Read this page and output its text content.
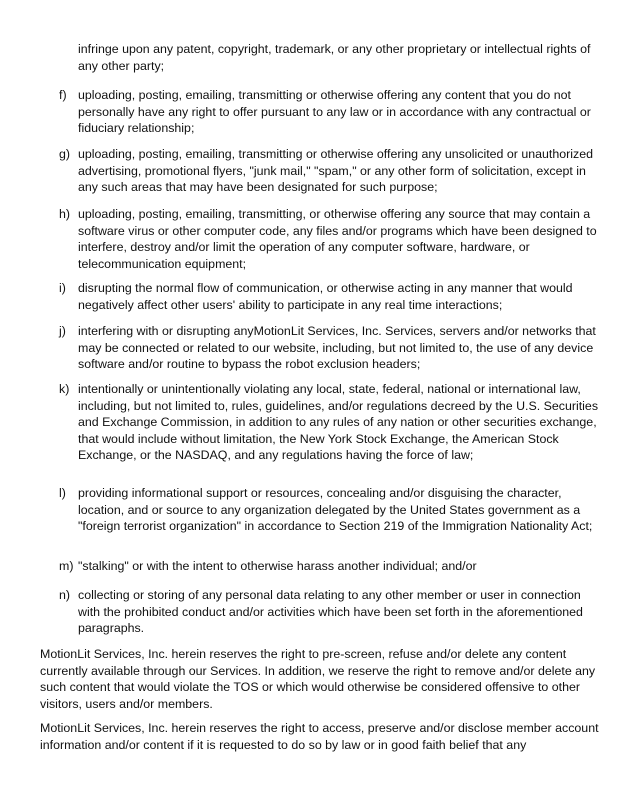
infringe upon any patent, copyright, trademark, or any other proprietary or intellectual rights of any other party;

f) uploading, posting, emailing, transmitting or otherwise offering any content that you do not personally have any right to offer pursuant to any law or in accordance with any contractual or fiduciary relationship;
g) uploading, posting, emailing, transmitting or otherwise offering any unsolicited or unauthorized advertising, promotional flyers, "junk mail," "spam," or any other form of solicitation, except in any such areas that may have been designated for such purpose;
h) uploading, posting, emailing, transmitting, or otherwise offering any source that may contain a software virus or other computer code, any files and/or programs which have been designed to interfere, destroy and/or limit the operation of any computer software, hardware, or telecommunication equipment;
i) disrupting the normal flow of communication, or otherwise acting in any manner that would negatively affect other users' ability to participate in any real time interactions;
j) interfering with or disrupting anyMotionLit Services, Inc. Services, servers and/or networks that may be connected or related to our website, including, but not limited to, the use of any device software and/or routine to bypass the robot exclusion headers;
k) intentionally or unintentionally violating any local, state, federal, national or international law, including, but not limited to, rules, guidelines, and/or regulations decreed by the U.S. Securities and Exchange Commission, in addition to any rules of any nation or other securities exchange, that would include without limitation, the New York Stock Exchange, the American Stock Exchange, or the NASDAQ, and any regulations having the force of law;
l) providing informational support or resources, concealing and/or disguising the character, location, and or source to any organization delegated by the United States government as a "foreign terrorist organization" in accordance to Section 219 of the Immigration Nationality Act;
m) "stalking" or with the intent to otherwise harass another individual; and/or
n) collecting or storing of any personal data relating to any other member or user in connection with the prohibited conduct and/or activities which have been set forth in the aforementioned paragraphs.

MotionLit Services, Inc. herein reserves the right to pre-screen, refuse and/or delete any content currently available through our Services. In addition, we reserve the right to remove and/or delete any such content that would violate the TOS or which would otherwise be considered offensive to other visitors, users and/or members.

MotionLit Services, Inc. herein reserves the right to access, preserve and/or disclose member account information and/or content if it is requested to do so by law or in good faith belief that any
